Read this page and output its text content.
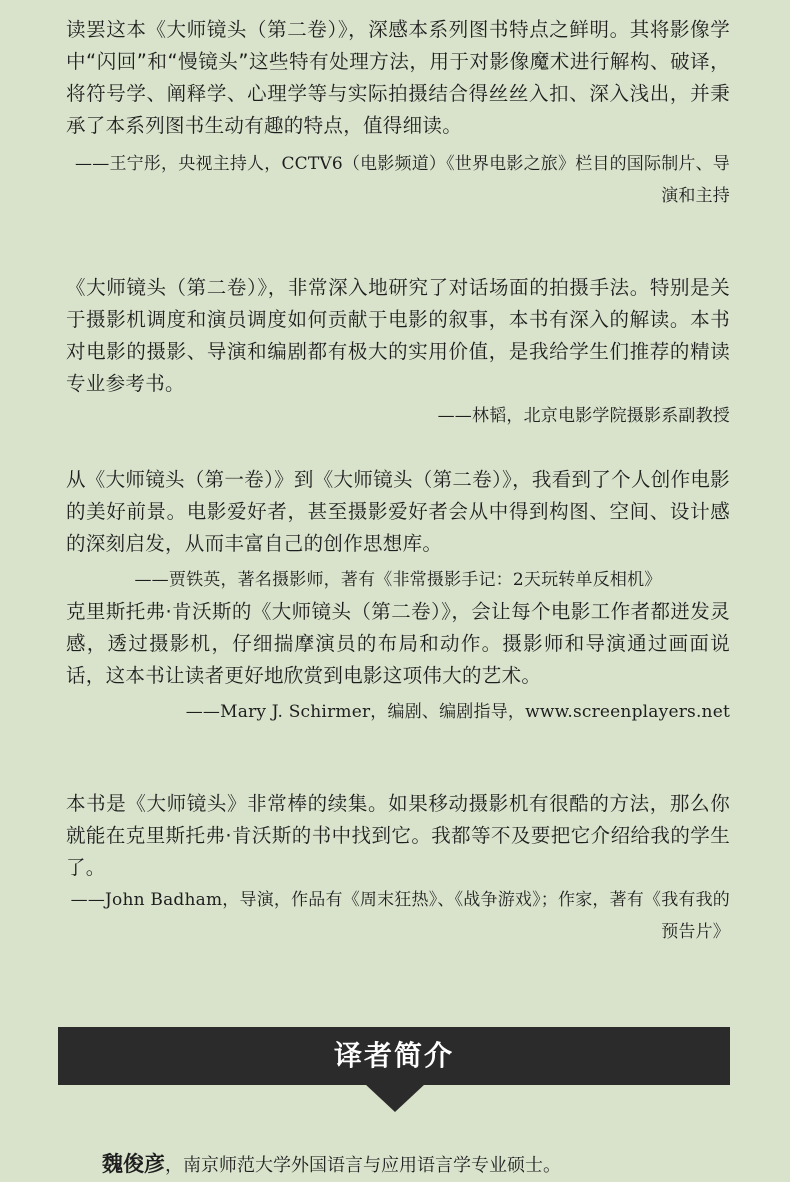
读罢这本《大师镜头（第二卷）》，深感本系列图书特点之鲜明。其将影像学中“闪回”和“慢镜头”这些特有处理方法，用于对影像魔术进行解构、破译，将符号学、阐释学、心理学等与实际拍摄结合得丝丝入扣、深入浅出，并秉承了本系列图书生动有趣的特点，值得细读。

——王宁彤，央视主持人，CCTV6（电影频道）《世界电影之旅》栏目的国际制片、导演和主持

《大师镜头（第二卷）》，非常深入地研究了对话场面的拍摄手法。特别是关于摄影机调度和演员调度如何贡献于电影的叙事，本书有深入的解读。本书对电影的摄影、导演和编剧都有极大的实用价值，是我给学生们推荐的精读专业参考书。

——林韬，北京电影学院摄影系副教授

从《大师镜头（第一卷）》到《大师镜头（第二卷）》，我看到了个人创作电影的美好前景。电影爱好者，甚至摄影爱好者会从中得到构图、空间、设计感的深刻启发，从而丰富自己的创作思想库。

——贾铁英，著名摄影师，著有《非常摄影手记：2天玩转单反相机》

克里斯托弗·肯沃斯的《大师镜头（第二卷）》，会让每个电影工作者都迸发灵感，透过摄影机，仔细揣摩演员的布局和动作。摄影师和导演通过画面说话，这本书让读者更好地欣赏到电影这项伟大的艺术。

——Mary J. Schirmer，编剧、编剧指导，www.screenplayers.net

本书是《大师镜头》非常棒的续集。如果移动摄影机有很酷的方法，那么你就能在克里斯托弗·肯沃斯的书中找到它。我都等不及要把它介绍给我的学生了。

——John Badham，导演，作品有《周末狂热》、《战争游戏》；作家，著有《我有我的预告片》

译者简介
魏俊彦，南京师范大学外国语言与应用语言学专业硕士。
